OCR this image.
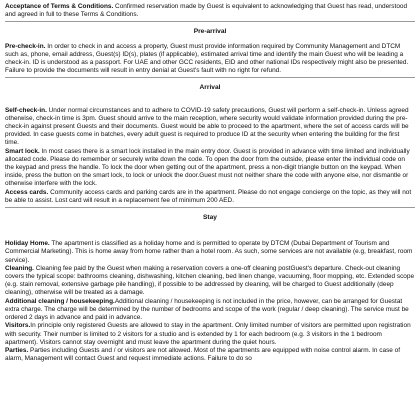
Acceptance of Terms & Conditions. Confirmed reservation made by Guest is equivalent to acknowledging that Guest has read, understood and agreed in full to these Terms & Conditions.

Pre-arrival

Pre-check-in. In order to check in and access a property, Guest must provide information required by Community Management and DTCM such as, phone, email address, Guest(s) ID(s), plates (if applicable), estimated arrival time and identify the main Guest who will be leading a check-in. ID is understood as a passport. For UAE and other GCC residents, EID and other national IDs respectively might also be presented. Failure to provide the documents will result in entry denial at Guest's fault with no right for refund.

Arrival

Self-check-in. Under normal circumstances and to adhere to COVID-19 safety precautions, Guest will perform a self-check-in. Unless agreed otherwise, check-in time is 3pm. Guest should arrive to the main reception, where security would validate information provided during the pre-check-in against present Guests and their documents. Guest would be able to proceed to the apartment, where the set of access cards will be provided. In case guests come in batches, every adult guest is required to produce ID at the security when entering the building for the first time.

Smart lock. In most cases there is a smart lock installed in the main entry door. Guest is provided in advance with time limited and individually allocated code. Please do remember or securely write down the code. To open the door from the outside, please enter the individual code on the keypad and press the handle. To lock the door when getting out of the apartment, press a non-digit triangle button on the keypad. When inside, press the button on the smart lock, to lock or unlock the door.Guest must not neither share the code with anyone else, nor dismantle or otherwise interfere with the lock.

Access cards. Community access cards and parking cards are in the apartment. Please do not engage concierge on the topic, as they will not be able to assist. Lost card will result in a replacement fee of minimum 200 AED.

Stay

Holiday Home. The apartment is classified as a holiday home and is permitted to operate by DTCM (Dubai Department of Tourism and Commercial Marketing). This is home away from home rather than a hotel room. As such, some services are not available (e.g, breakfast, room service).

Cleaning. Cleaning fee paid by the Guest when making a reservation covers a one-off cleaning postGuest's departure. Check-out cleaning covers the typical scope: bathrooms cleaning, dishwashing, kitchen cleaning, bed linen change, vacuuming, floor mopping, etc. Extended scope (e.g. stain removal, extensive garbage pile handling), if possible to be addressed by cleaning, will be charged to Guest additionally (deep cleaning), otherwise will be treated as a damage.

Additional cleaning / housekeeping.Additional cleaning / housekeeping is not included in the price, however, can be arranged for Guestat extra charge. The charge will be determined by the number of bedrooms and scope of the work (regular / deep cleaning). The service must be ordered 2 days in advance and paid in advance.

Visitors.In principle only registered Guests are allowed to stay in the apartment. Only limited number of visitors are permitted upon registration with security. Their number is limited to 2 visitors for a studio and is extended by 1 for each bedroom (e.g. 3 visitors in the 1 bedroom apartment). Visitors cannot stay overnight and must leave the apartment during the quiet hours.

Parties. Parties including Guests and / or visitors are not allowed. Most of the apartments are equipped with noise control alarm. In case of alarm, Management will contact Guest and request immediate actions. Failure to do so
